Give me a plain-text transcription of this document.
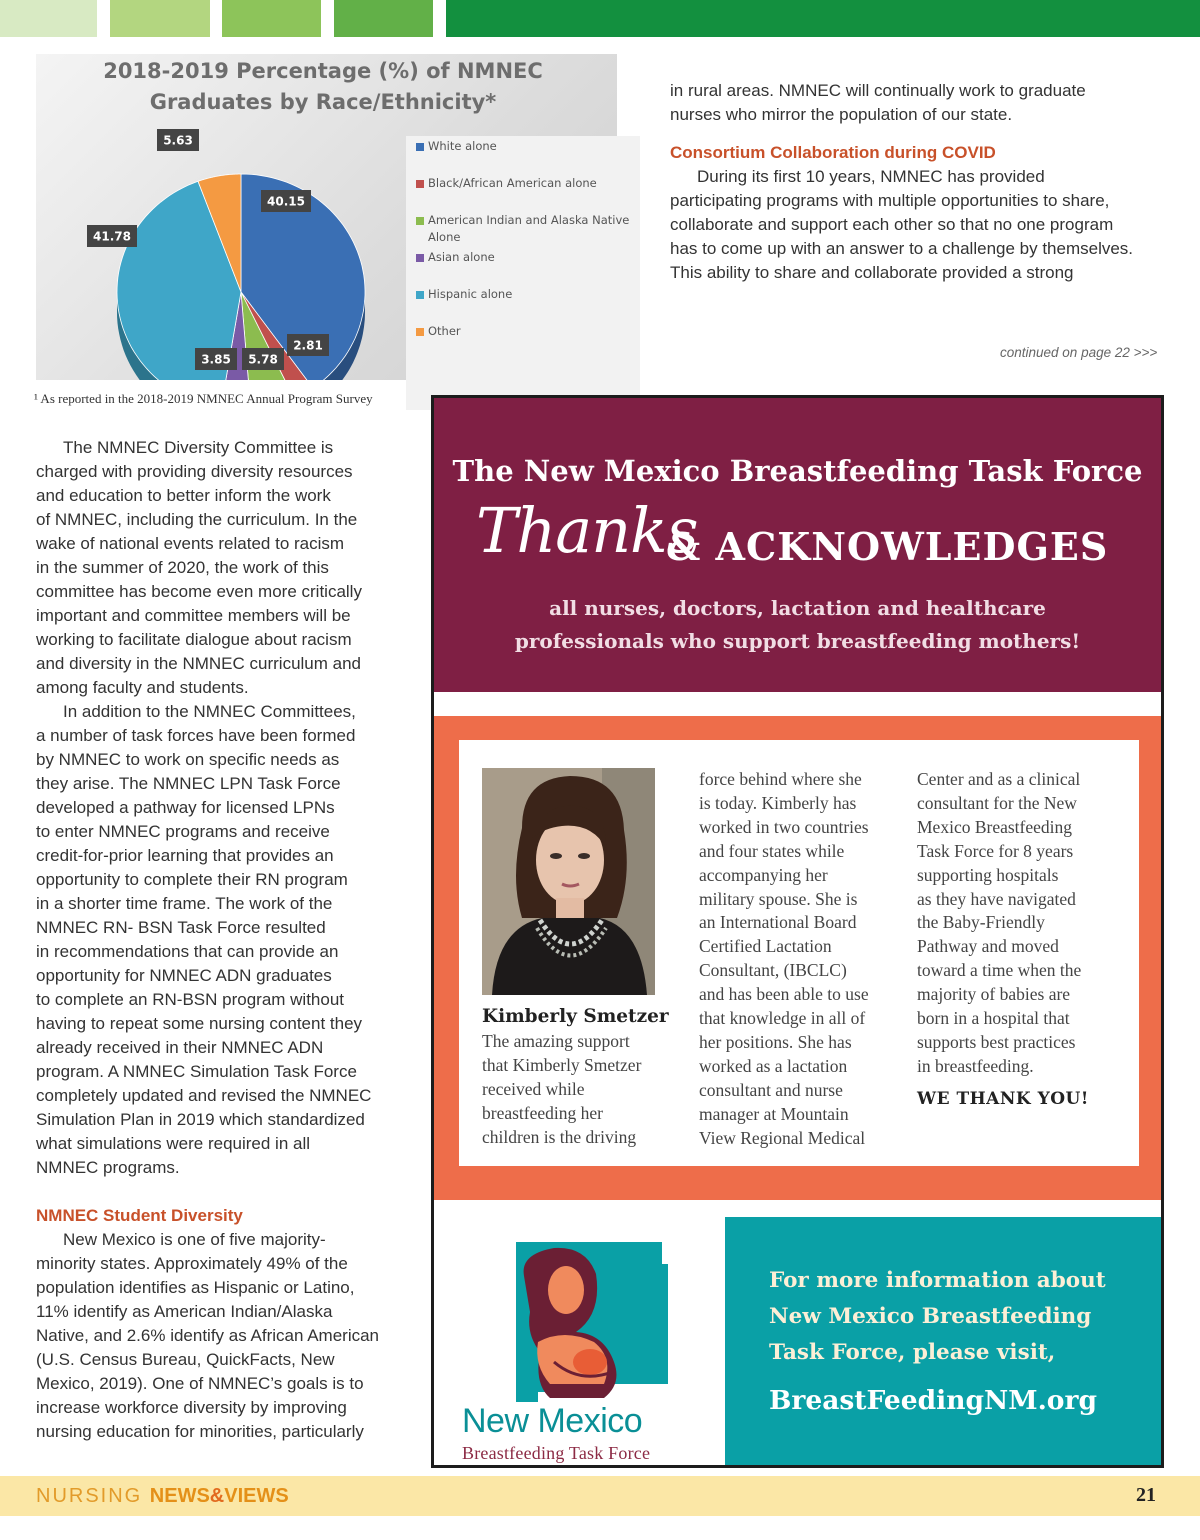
2018-2019 Percentage (%) of NMNEC
Graduates by Race/Ethnicity*
40.15
2.81
5.78
3.85
41.78
5.63	White alone
Black/African American alone
American Indian and Alaska Native Alone
Asian alone
Hispanic alone
Other
¹ As reported in the 2018-2019 NMNEC Annual Program Survey

in rural areas. NMNEC will continually work to graduate
nurses who mirror the population of our state.

Consortium Collaboration during COVID

During its first 10 years, NMNEC has provided
participating programs with multiple opportunities to share,
collaborate and support each other so that no one program
has to come up with an answer to a challenge by themselves.
This ability to share and collaborate provided a strong

continued on page 22 >>>

The NMNEC Diversity Committee is
charged with providing diversity resources
and education to better inform the work
of NMNEC, including the curriculum. In the
wake of national events related to racism
in the summer of 2020, the work of this
committee has become even more critically
important and committee members will be
working to facilitate dialogue about racism
and diversity in the NMNEC curriculum and
among faculty and students.

In addition to the NMNEC Committees,
a number of task forces have been formed
by NMNEC to work on specific needs as
they arise. The NMNEC LPN Task Force
developed a pathway for licensed LPNs
to enter NMNEC programs and receive
credit-for-prior learning that provides an
opportunity to complete their RN program
in a shorter time frame. The work of the
NMNEC RN- BSN Task Force resulted
in recommendations that can provide an
opportunity for NMNEC ADN graduates
to complete an RN-BSN program without
having to repeat some nursing content they
already received in their NMNEC ADN
program. A NMNEC Simulation Task Force
completely updated and revised the NMNEC
Simulation Plan in 2019 which standardized
what simulations were required in all
NMNEC programs.

NMNEC Student Diversity

New Mexico is one of five majority-
minority states. Approximately 49% of the
population identifies as Hispanic or Latino,
11% identify as American Indian/Alaska
Native, and 2.6% identify as African American
(U.S. Census Bureau, QuickFacts, New
Mexico, 2019). One of NMNEC’s goals is to
increase workforce diversity by improving
nursing education for minorities, particularly

The New Mexico Breastfeeding Task Force
Thanks
& ACKNOWLEDGES
all nurses, doctors, lactation and healthcare
professionals who support breastfeeding mothers!
Kimberly Smetzer
The amazing support
that Kimberly Smetzer
received while
breastfeeding her
children is the driving
force behind where she
is today. Kimberly has
worked in two countries
and four states while
accompanying her
military spouse. She is
an International Board
Certified Lactation
Consultant, (IBCLC)
and has been able to use
that knowledge in all of
her positions. She has
worked as a lactation
consultant and nurse
manager at Mountain
View Regional Medical
Center and as a clinical
consultant for the New
Mexico Breastfeeding
Task Force for 8 years
supporting hospitals
as they have navigated
the Baby-Friendly
Pathway and moved
toward a time when the
majority of babies are
born in a hospital that
supports best practices
in breastfeeding.
WE THANK YOU!
New Mexico
Breastfeeding Task Force
For more information about
New Mexico Breastfeeding
Task Force, please visit,
BreastFeedingNM.org
NURSING NEWS&VIEWS	21
